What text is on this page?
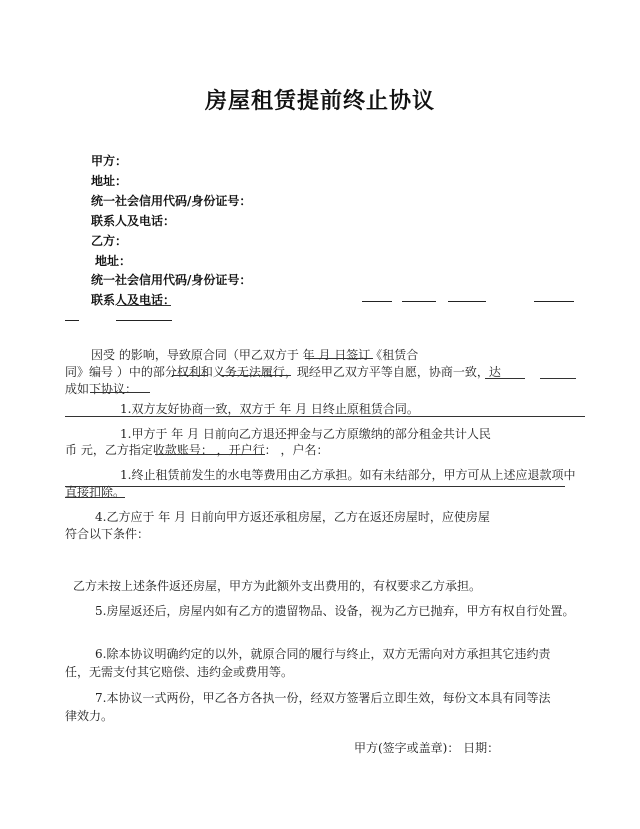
房屋租赁提前终止协议
甲方：
地址：
统一社会信用代码/身份证号：
联系人及电话：
乙方：
地址：
统一社会信用代码/身份证号：
联系人及电话：
因受 的影响，导致原合同（甲乙双方于 年 月 日签订《租赁合
同》编号 ）中的部分权利和义务无法履行，现经甲乙双方平等自愿，协商一致，达
成如下协议：
1.双方友好协商一致，双方于 年 月 日终止原租赁合同。
1.甲方于 年 月 日前向乙方退还押金与乙方原缴纳的部分租金共计人民
币 元，乙方指定收款账号： ，开户行： ，户名：
1.终止租赁前发生的水电等费用由乙方承担。如有未结部分，甲方可从上述应退款项中
直接扣除。
4.乙方应于 年 月 日前向甲方返还承租房屋，乙方在返还房屋时，应使房屋
符合以下条件：
乙方未按上述条件返还房屋，甲方为此额外支出费用的，有权要求乙方承担。
5.房屋返还后，房屋内如有乙方的遗留物品、设备，视为乙方已抛弃，甲方有权自行处置。
6.除本协议明确约定的以外，就原合同的履行与终止，双方无需向对方承担其它违约责
任，无需支付其它赔偿、违约金或费用等。
7.本协议一式两份，甲乙各方各执一份，经双方签署后立即生效，每份文本具有同等法
律效力。
甲方(签字或盖章)： 日期：
